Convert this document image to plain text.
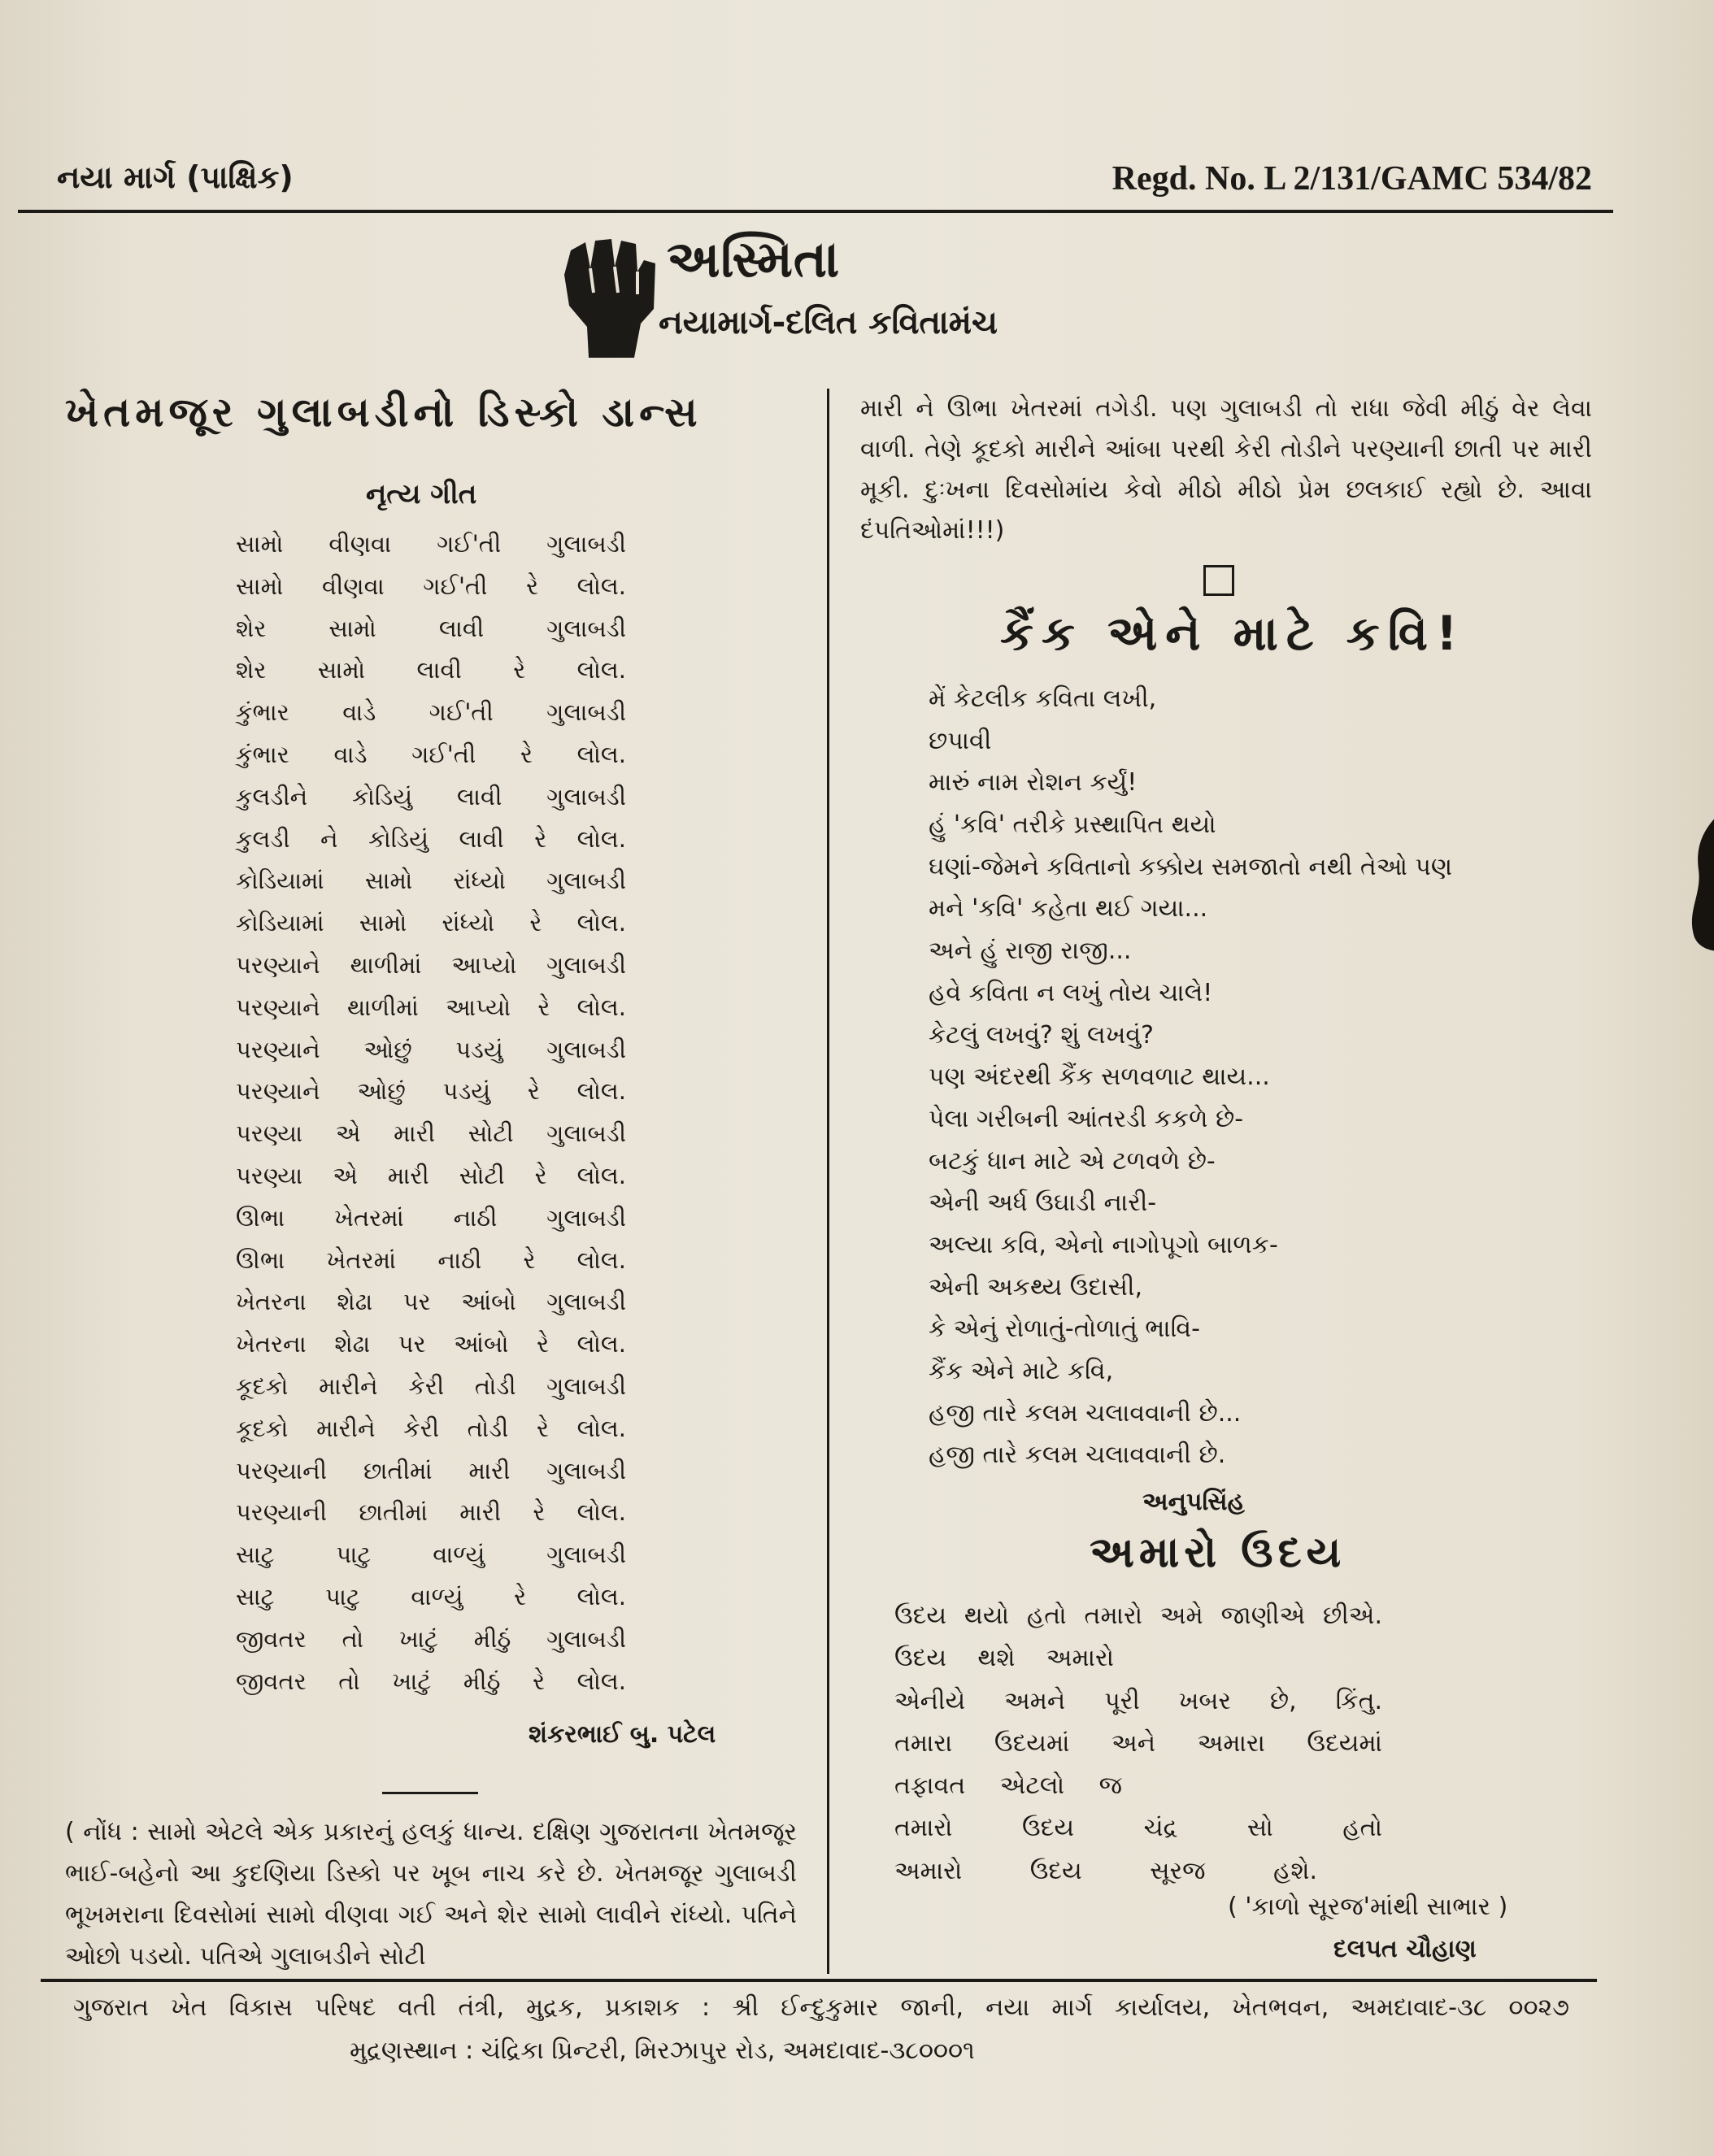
નયા માર્ગ (પાક્ષિક)	Regd. No. L 2/131/GAMC 534/82
અસ્મિતા
નયામાર્ગ-દલિત કવિતામંચ
ખેતમજૂર ગુલાબડીનો ડિસ્કો ડાન્સ
નૃત્ય ગીત
સામો વીણવા ગઈ'તી ગુલાબડી
સામો વીણવા ગઈ'તી રે લોલ.
શેર સામો લાવી ગુલાબડી
શેર સામો લાવી રે લોલ.
કુંભાર વાડે ગઈ'તી ગુલાબડી
કુંભાર વાડે ગઈ'તી રે લોલ.
કુલડીને કોડિયું લાવી ગુલાબડી
કુલડી ને કોડિયું લાવી રે લોલ.
કોડિયામાં સામો રાંધ્યો ગુલાબડી
કોડિયામાં સામો રાંધ્યો રે લોલ.
પરણ્યાને થાળીમાં આપ્યો ગુલાબડી
પરણ્યાને થાળીમાં આપ્યો રે લોલ.
પરણ્યાને ઓછું પડયું ગુલાબડી
પરણ્યાને ઓછું પડયું રે લોલ.
પરણ્યા એ મારી સોટી ગુલાબડી
પરણ્યા એ મારી સોટી રે લોલ.
ઊભા ખેતરમાં નાઠી ગુલાબડી
ઊભા ખેતરમાં નાઠી રે લોલ.
ખેતરના શેઢા પર આંબો ગુલાબડી
ખેતરના શેઢા પર આંબો રે લોલ.
કૂદકો મારીને કેરી તોડી ગુલાબડી
કૂદકો મારીને કેરી તોડી રે લોલ.
પરણ્યાની છાતીમાં મારી ગુલાબડી
પરણ્યાની છાતીમાં મારી રે લોલ.
સાટુ પાટુ વાળ્યું ગુલાબડી
સાટુ પાટુ વાળ્યું રે લોલ.
જીવતર તો ખાટું મીઠું ગુલાબડી
જીવતર તો ખાટું મીઠું રે લોલ.
શંકરભાઈ બુ. પટેલ

( નોંધ : સામો એટલે એક પ્રકારનું હલકું ધાન્ય. દક્ષિણ ગુજરાતના ખેતમજૂર ભાઈ-બહેનો આ કુદણિયા ડિસ્કો પર ખૂબ નાચ કરે છે. ખેતમજૂર ગુલાબડી ભૂખમરાના દિવસોમાં સામો વીણવા ગઈ અને શેર સામો લાવીને રાંધ્યો. પતિને ઓછો પડયો. પતિએ ગુલાબડીને સોટી

મારી ને ઊભા ખેતરમાં તગેડી. પણ ગુલાબડી તો રાધા જેવી મીઠું વેર લેવા વાળી. તેણે કૂદકો મારીને આંબા પરથી કેરી તોડીને પરણ્યાની છાતી પર મારી મૂકી. દુઃખના દિવસોમાંય કેવો મીઠો મીઠો પ્રેમ છલકાઈ રહ્યો છે. આવા દંપતિઓમાં!!!)
કૈંક એને માટે કવિ!
મેં કેટલીક કવિતા લખી,
છપાવી
મારું નામ રોશન કર્યું!
હું 'કવિ' તરીકે પ્રસ્થાપિત થયો
ઘણાં-જેમને કવિતાનો કક્કોય સમજાતો નથી તેઓ પણ
મને 'કવિ' કહેતા થઈ ગયા...
અને હું રાજી રાજી...
હવે કવિતા ન લખું તોય ચાલે!
કેટલું લખવું? શું લખવું?
પણ અંદરથી કૈંક સળવળાટ થાય...
પેલા ગરીબની આંતરડી કકળે છે-
બટકું ધાન માટે એ ટળવળે છે-
એની અર્ધ ઉઘાડી નારી-
અલ્યા કવિ, એનો નાગોપૂગો બાળક-
એની અકથ્ય ઉદાસી,
કે એનું રોળાતું-તોળાતું ભાવિ-
કૈંક એને માટે કવિ,
હજી તારે કલમ ચલાવવાની છે...
હજી તારે કલમ ચલાવવાની છે.
અનુપસિંહ
અમારો ઉદય
ઉદય થયો હતો તમારો અમે જાણીએ છીએ.
ઉદય થશે અમારો
એનીયે અમને પૂરી ખબર છે, કિંતુ.
તમારા ઉદયમાં અને અમારા ઉદયમાં
તફાવત એટલો જ
તમારો ઉદય ચંદ્ર સો હતો
અમારો ઉદય સૂરજ હશે.
( 'કાળો સૂરજ'માંથી સાભાર )
દલપત ચૌહાણ
ગુજરાત ખેત વિકાસ પરિષદ વતી તંત્રી, મુદ્રક, પ્રકાશક : શ્રી ઈન્દુકુમાર જાની, નયા માર્ગ કાર્યાલય, ખેતભવન, અમદાવાદ-૩૮ ૦૦૨૭
મુદ્રણસ્થાન : ચંદ્રિકા પ્રિન્ટરી, મિરઝાપુર રોડ, અમદાવાદ-૩૮૦૦૦૧
